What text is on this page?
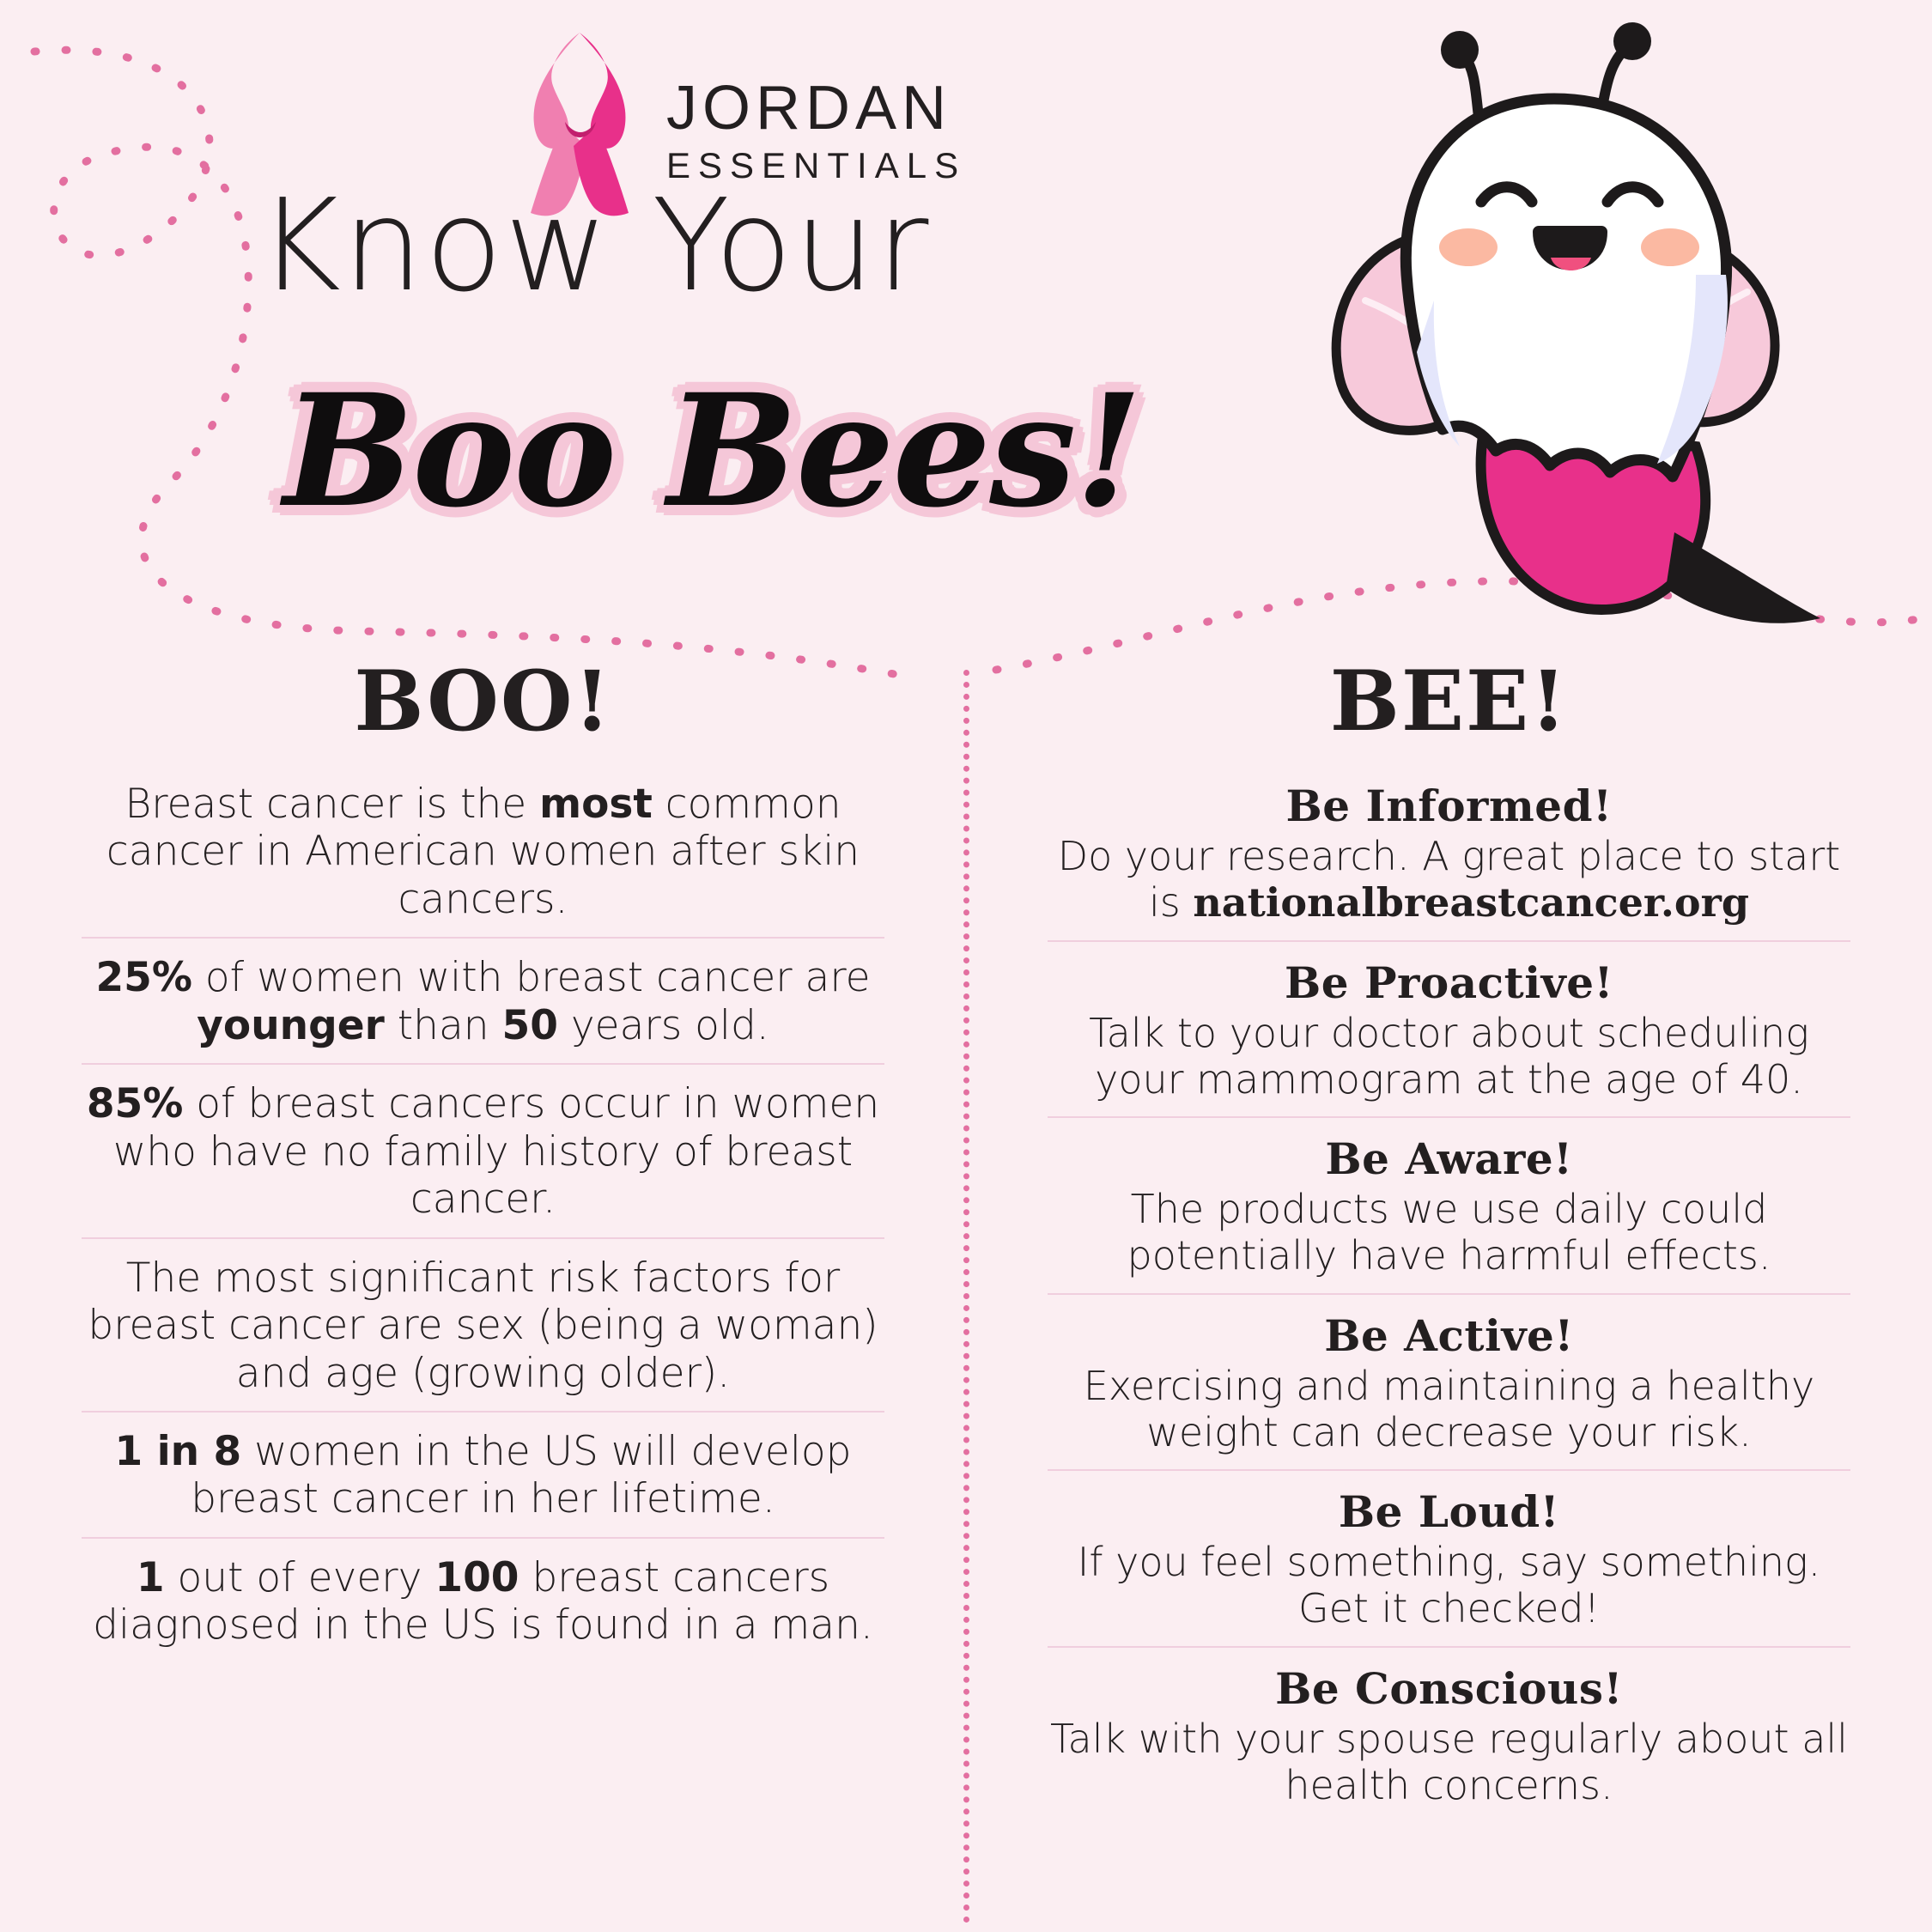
JORDAN
ESSENTIALS
Know Your
Boo Bees!
BOO!
Breast cancer is the most common cancer in American women after skin cancers.
25% of women with breast cancer are younger than 50 years old.
85% of breast cancers occur in women who have no family history of breast cancer.
The most significant risk factors for breast cancer are sex (being a woman) and age (growing older).
1 in 8 women in the US will develop breast cancer in her lifetime.
1 out of every 100 breast cancers diagnosed in the US is found in a man.
BEE!
Be Informed!
Do your research. A great place to start is nationalbreastcancer.org
Be Proactive!
Talk to your doctor about scheduling your mammogram at the age of 40.
Be Aware!
The products we use daily could potentially have harmful effects.
Be Active!
Exercising and maintaining a healthy weight can decrease your risk.
Be Loud!
If you feel something, say something. Get it checked!
Be Conscious!
Talk with your spouse regularly about all health concerns.
